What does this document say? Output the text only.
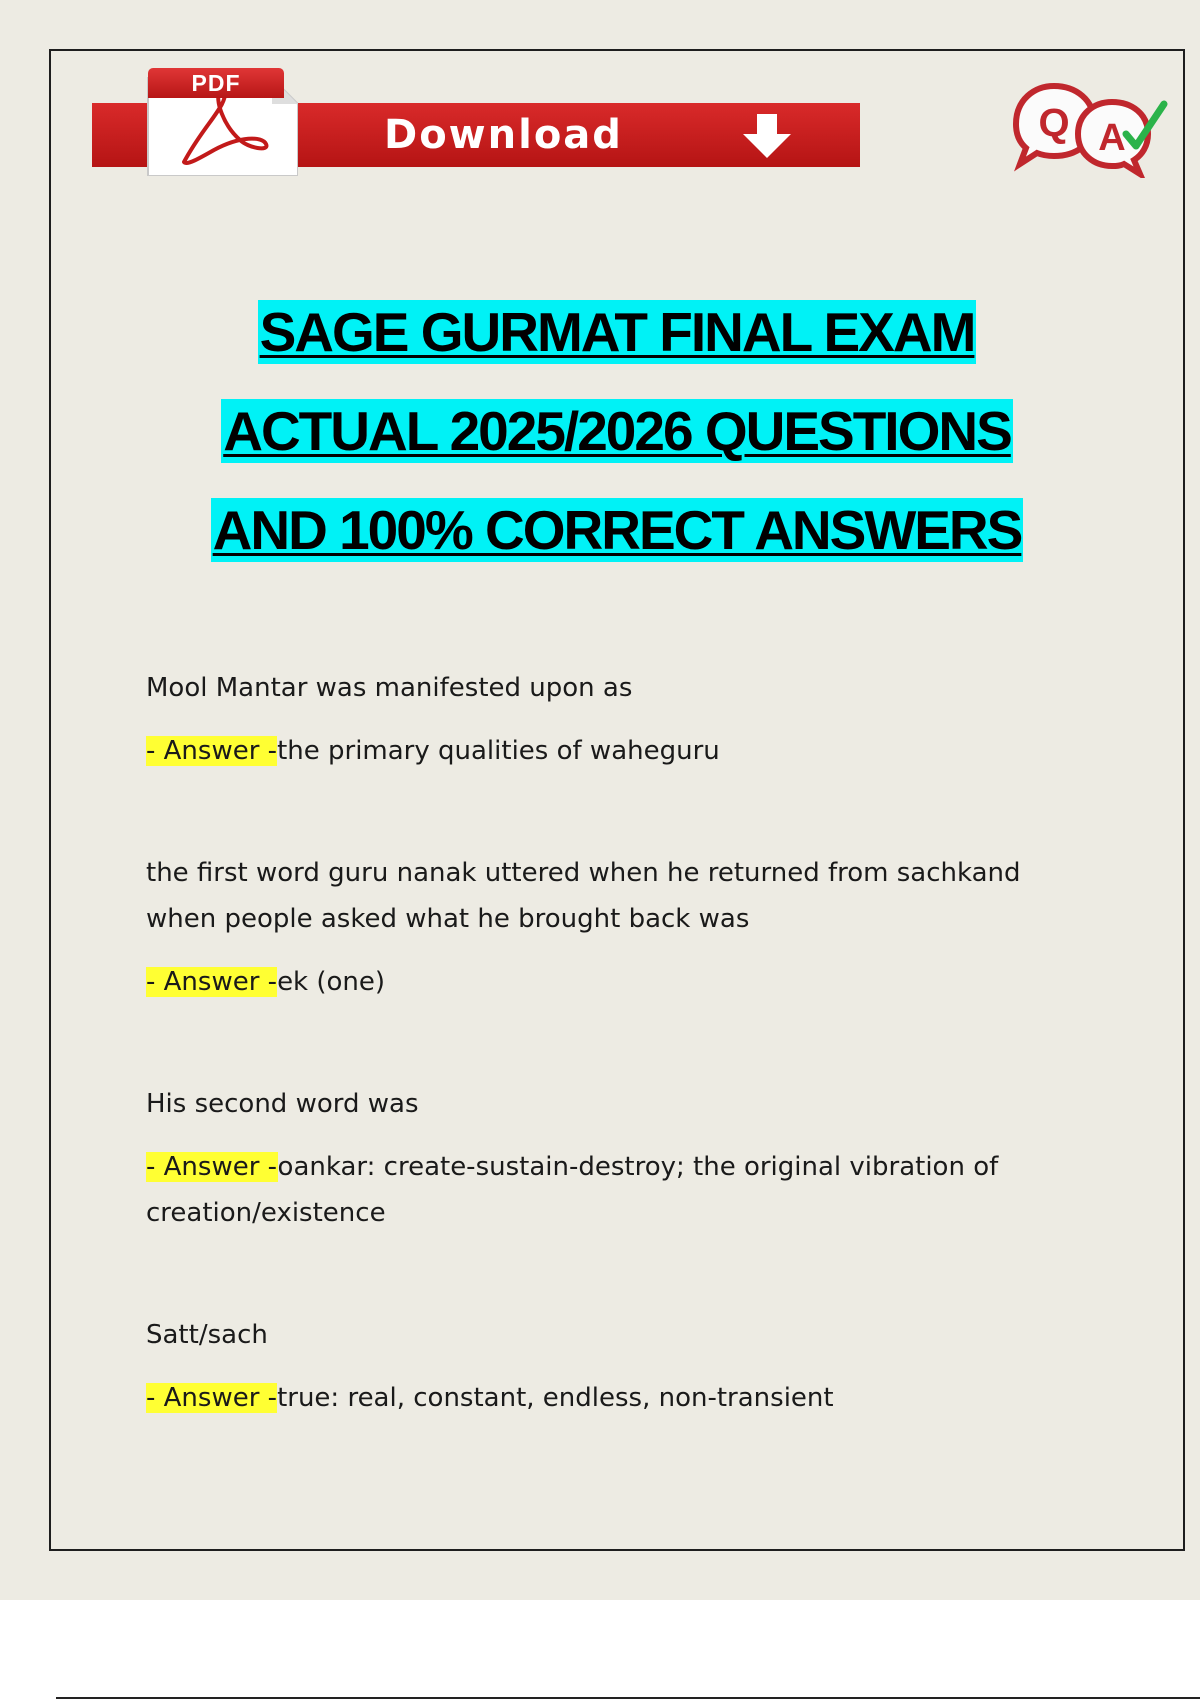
PDF
Download	Q A
SAGE GURMAT FINAL EXAM
ACTUAL 2025/2026 QUESTIONS
AND 100% CORRECT ANSWERS

Mool Mantar was manifested upon as

- Answer -the primary qualities of waheguru

the first word guru nanak uttered when he returned from sachkand when people asked what he brought back was

- Answer -ek (one)

His second word was

- Answer -oankar: create-sustain-destroy; the original vibration of creation/existence

Satt/sach

- Answer -true: real, constant, endless, non-transient
